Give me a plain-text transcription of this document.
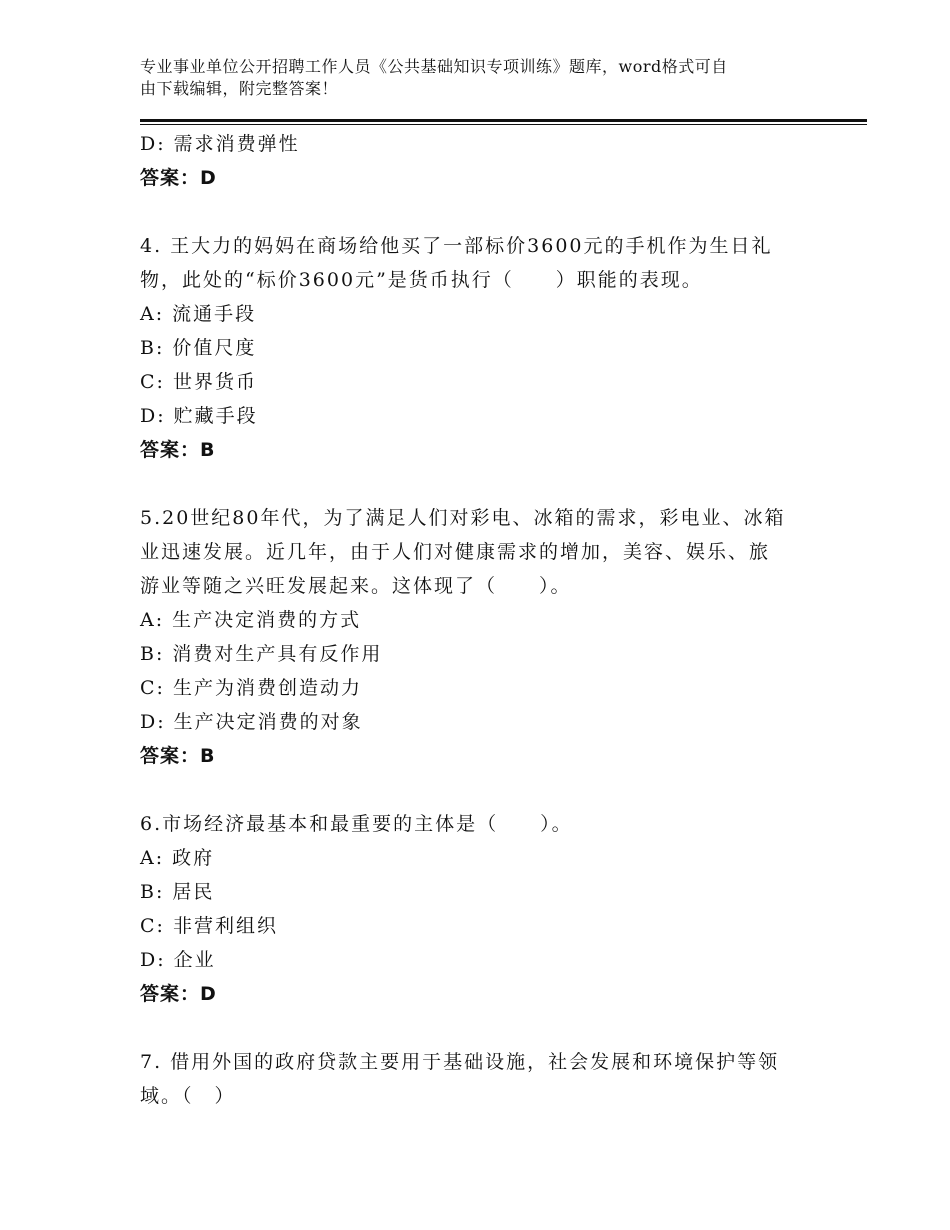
专业事业单位公开招聘工作人员《公共基础知识专项训练》题库，word格式可自
由下载编辑，附完整答案！
D: 需求消费弹性
答案：D
4. 王大力的妈妈在商场给他买了一部标价3600元的手机作为生日礼
物，此处的“标价3600元”是货币执行（　　）职能的表现。
A: 流通手段
B: 价值尺度
C: 世界货币
D: 贮藏手段
答案：B
5.20世纪80年代，为了满足人们对彩电、冰箱的需求，彩电业、冰箱
业迅速发展。近几年，由于人们对健康需求的增加，美容、娱乐、旅
游业等随之兴旺发展起来。这体现了（　　）。
A: 生产决定消费的方式
B: 消费对生产具有反作用
C: 生产为消费创造动力
D: 生产决定消费的对象
答案：B
6.市场经济最基本和最重要的主体是（　　）。
A: 政府
B: 居民
C: 非营利组织
D: 企业
答案：D
7. 借用外国的政府贷款主要用于基础设施，社会发展和环境保护等领
域。（　）
